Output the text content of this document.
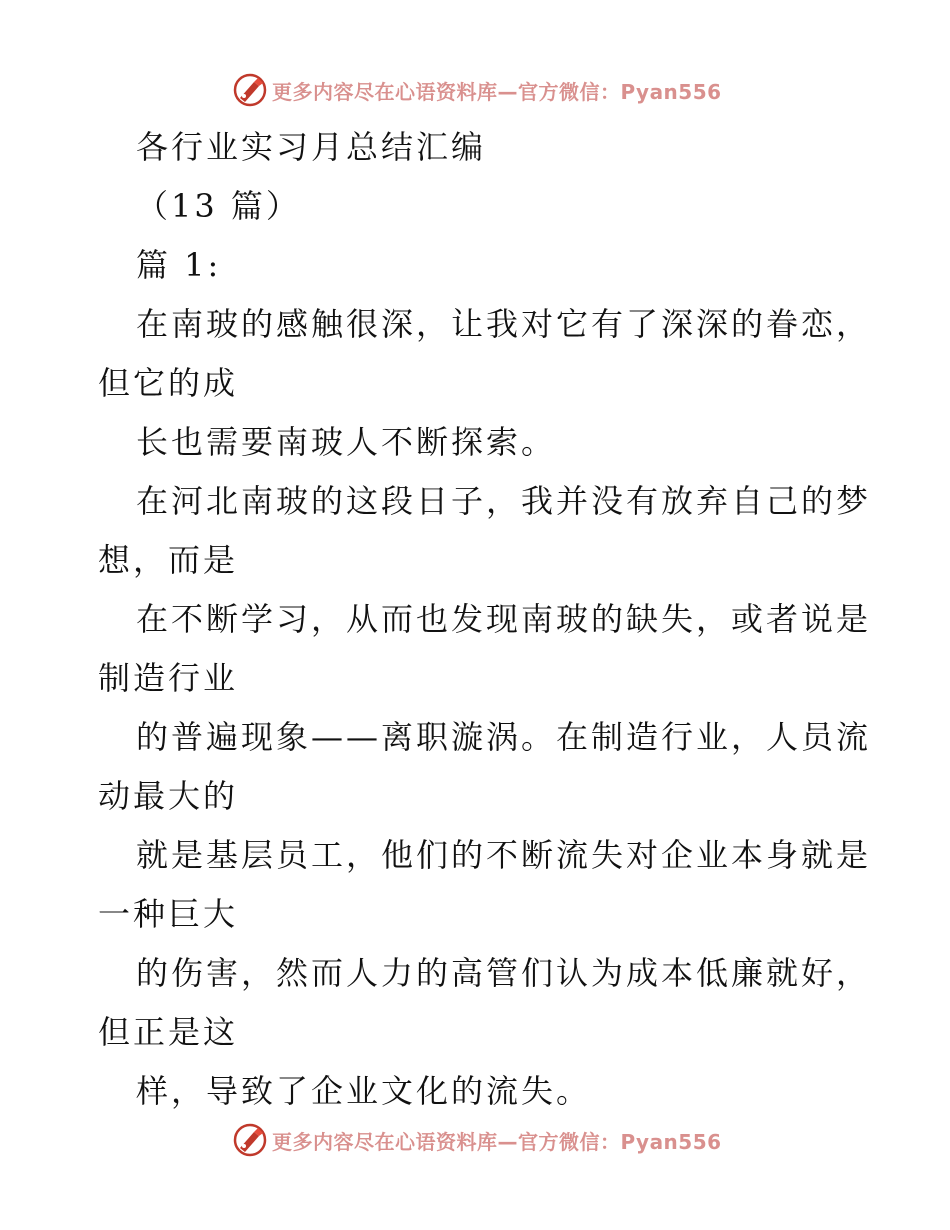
更多内容尽在心语资料库—官方微信：Pyan556
各行业实习月总结汇编
（13 篇）
篇 1:
在南玻的感触很深，让我对它有了深深的眷恋，
但它的成
长也需要南玻人不断探索。
在河北南玻的这段日子，我并没有放弃自己的梦
想，而是
在不断学习，从而也发现南玻的缺失，或者说是
制造行业
的普遍现象——离职漩涡。在制造行业，人员流
动最大的
就是基层员工，他们的不断流失对企业本身就是
一种巨大
的伤害，然而人力的高管们认为成本低廉就好，
但正是这
样，导致了企业文化的流失。
更多内容尽在心语资料库—官方微信：Pyan556
